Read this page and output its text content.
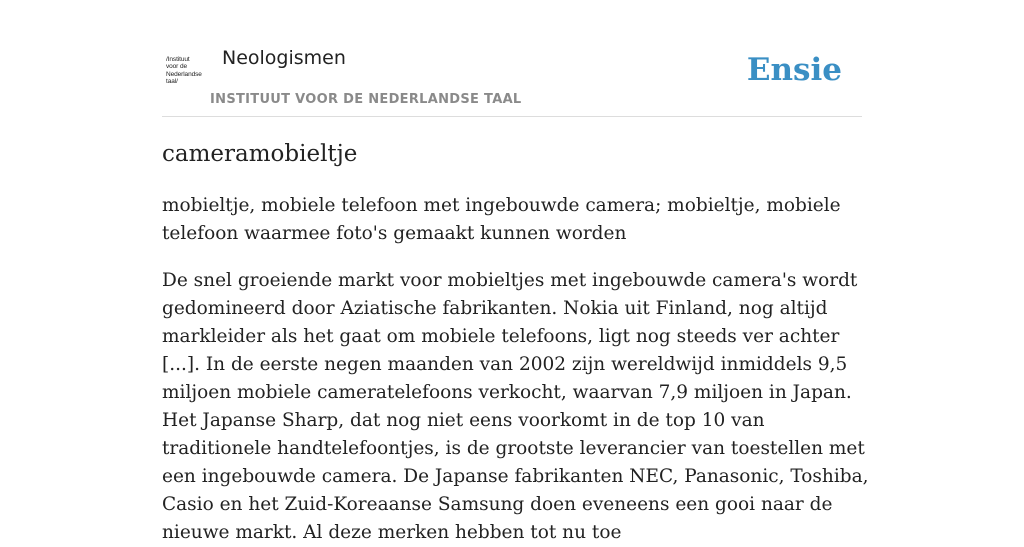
/Instituut
voor de
Nederlandse
taal/
Neologismen
INSTITUUT VOOR DE NEDERLANDSE TAAL
Ensie
cameramobieltje

mobieltje, mobiele telefoon met ingebouwde camera; mobieltje, mobiele telefoon waarmee foto's gemaakt kunnen worden

De snel groeiende markt voor mobieltjes met ingebouwde camera's wordt gedomineerd door Aziatische fabrikanten. Nokia uit Finland, nog altijd markleider als het gaat om mobiele telefoons, ligt nog steeds ver achter [...]. In de eerste negen maanden van 2002 zijn wereldwijd inmiddels 9,5 miljoen mobiele cameratelefoons verkocht, waarvan 7,9 miljoen in Japan. Het Japanse Sharp, dat nog niet eens voorkomt in de top 10 van traditionele handtelefoontjes, is de grootste leverancier van toestellen met een ingebouwde camera. De Japanse fabrikanten NEC, Panasonic, Toshiba, Casio en het Zuid-Koreaanse Samsung doen eveneens een gooi naar de nieuwe markt. Al deze merken hebben tot nu toe
